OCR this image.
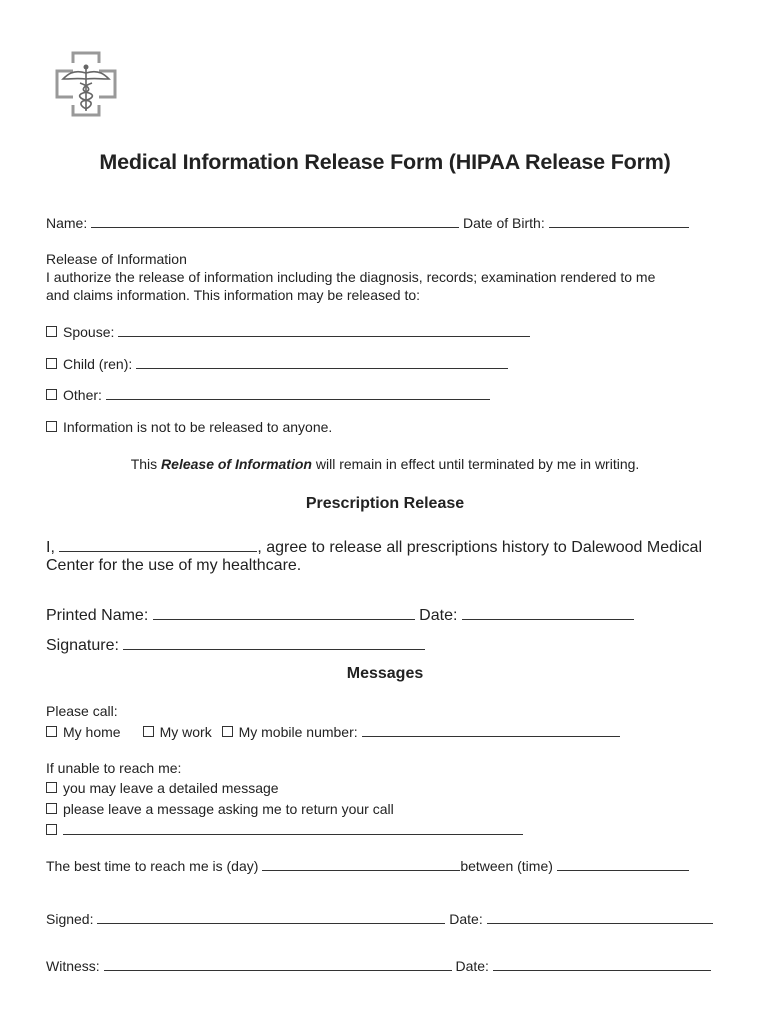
Medical Information Release Form (HIPAA Release Form)
Name:	Date of Birth:
Release of Information
I authorize the release of information including the diagnosis, records; examination rendered to me
and claims information. This information may be released to:
Spouse:
Child (ren):
Other:
Information is not to be released to anyone.
This Release of Information will remain in effect until terminated by me in writing.
Prescription Release
I,	, agree to release all prescriptions history to Dalewood Medical
Center for the use of my healthcare.
Printed Name:	Date:
Signature:
Messages
Please call:
My home	My work My mobile number:
If unable to reach me:
you may leave a detailed message
please leave a message asking me to return your call
The best time to reach me is (day)	between (time)
Signed:	Date:
Witness:	Date:
